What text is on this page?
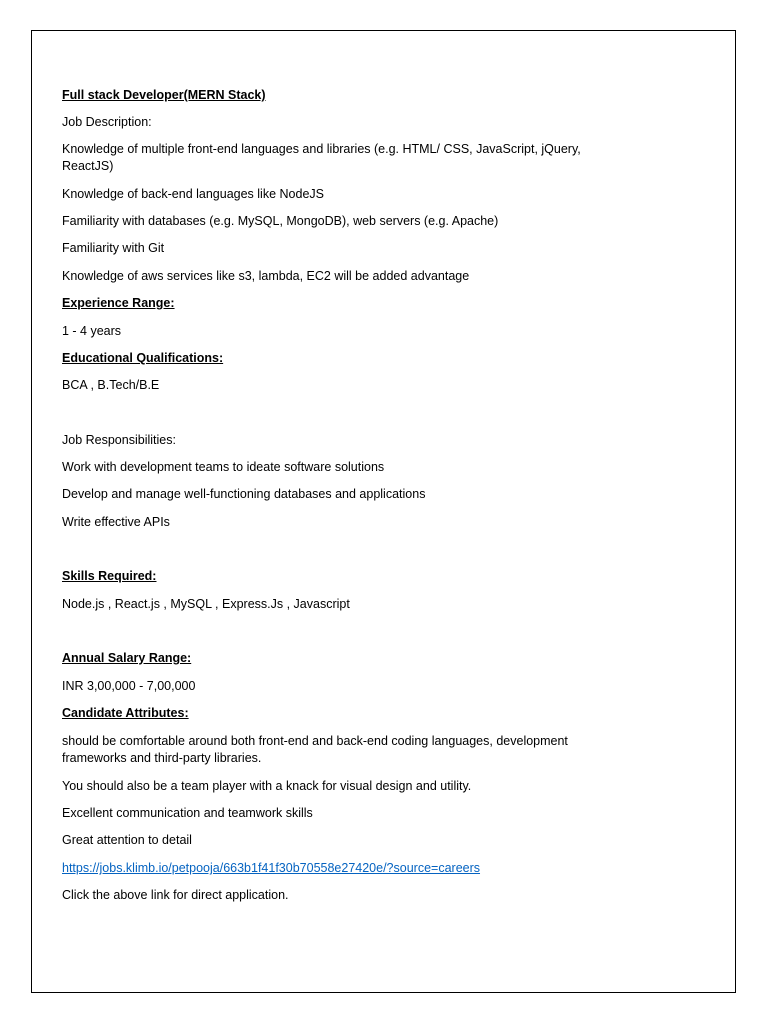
Full stack Developer(MERN Stack)
Job Description:
Knowledge of multiple front-end languages and libraries (e.g. HTML/ CSS, JavaScript, jQuery, ReactJS)
Knowledge of back-end languages like NodeJS
Familiarity with databases (e.g. MySQL, MongoDB), web servers (e.g. Apache)
Familiarity with Git
Knowledge of aws services like s3, lambda, EC2 will be added advantage
Experience Range:
1 - 4 years
Educational Qualifications:
BCA , B.Tech/B.E
Job Responsibilities:
Work with development teams to ideate software solutions
Develop and manage well-functioning databases and applications
Write effective APIs
Skills Required:
Node.js , React.js , MySQL , Express.Js , Javascript
Annual Salary Range:
INR 3,00,000 - 7,00,000
Candidate Attributes:
should be comfortable around both front-end and back-end coding languages, development frameworks and third-party libraries.
You should also be a team player with a knack for visual design and utility.
Excellent communication and teamwork skills
Great attention to detail
https://jobs.klimb.io/petpooja/663b1f41f30b70558e27420e/?source=careers
Click the above link for direct application.
